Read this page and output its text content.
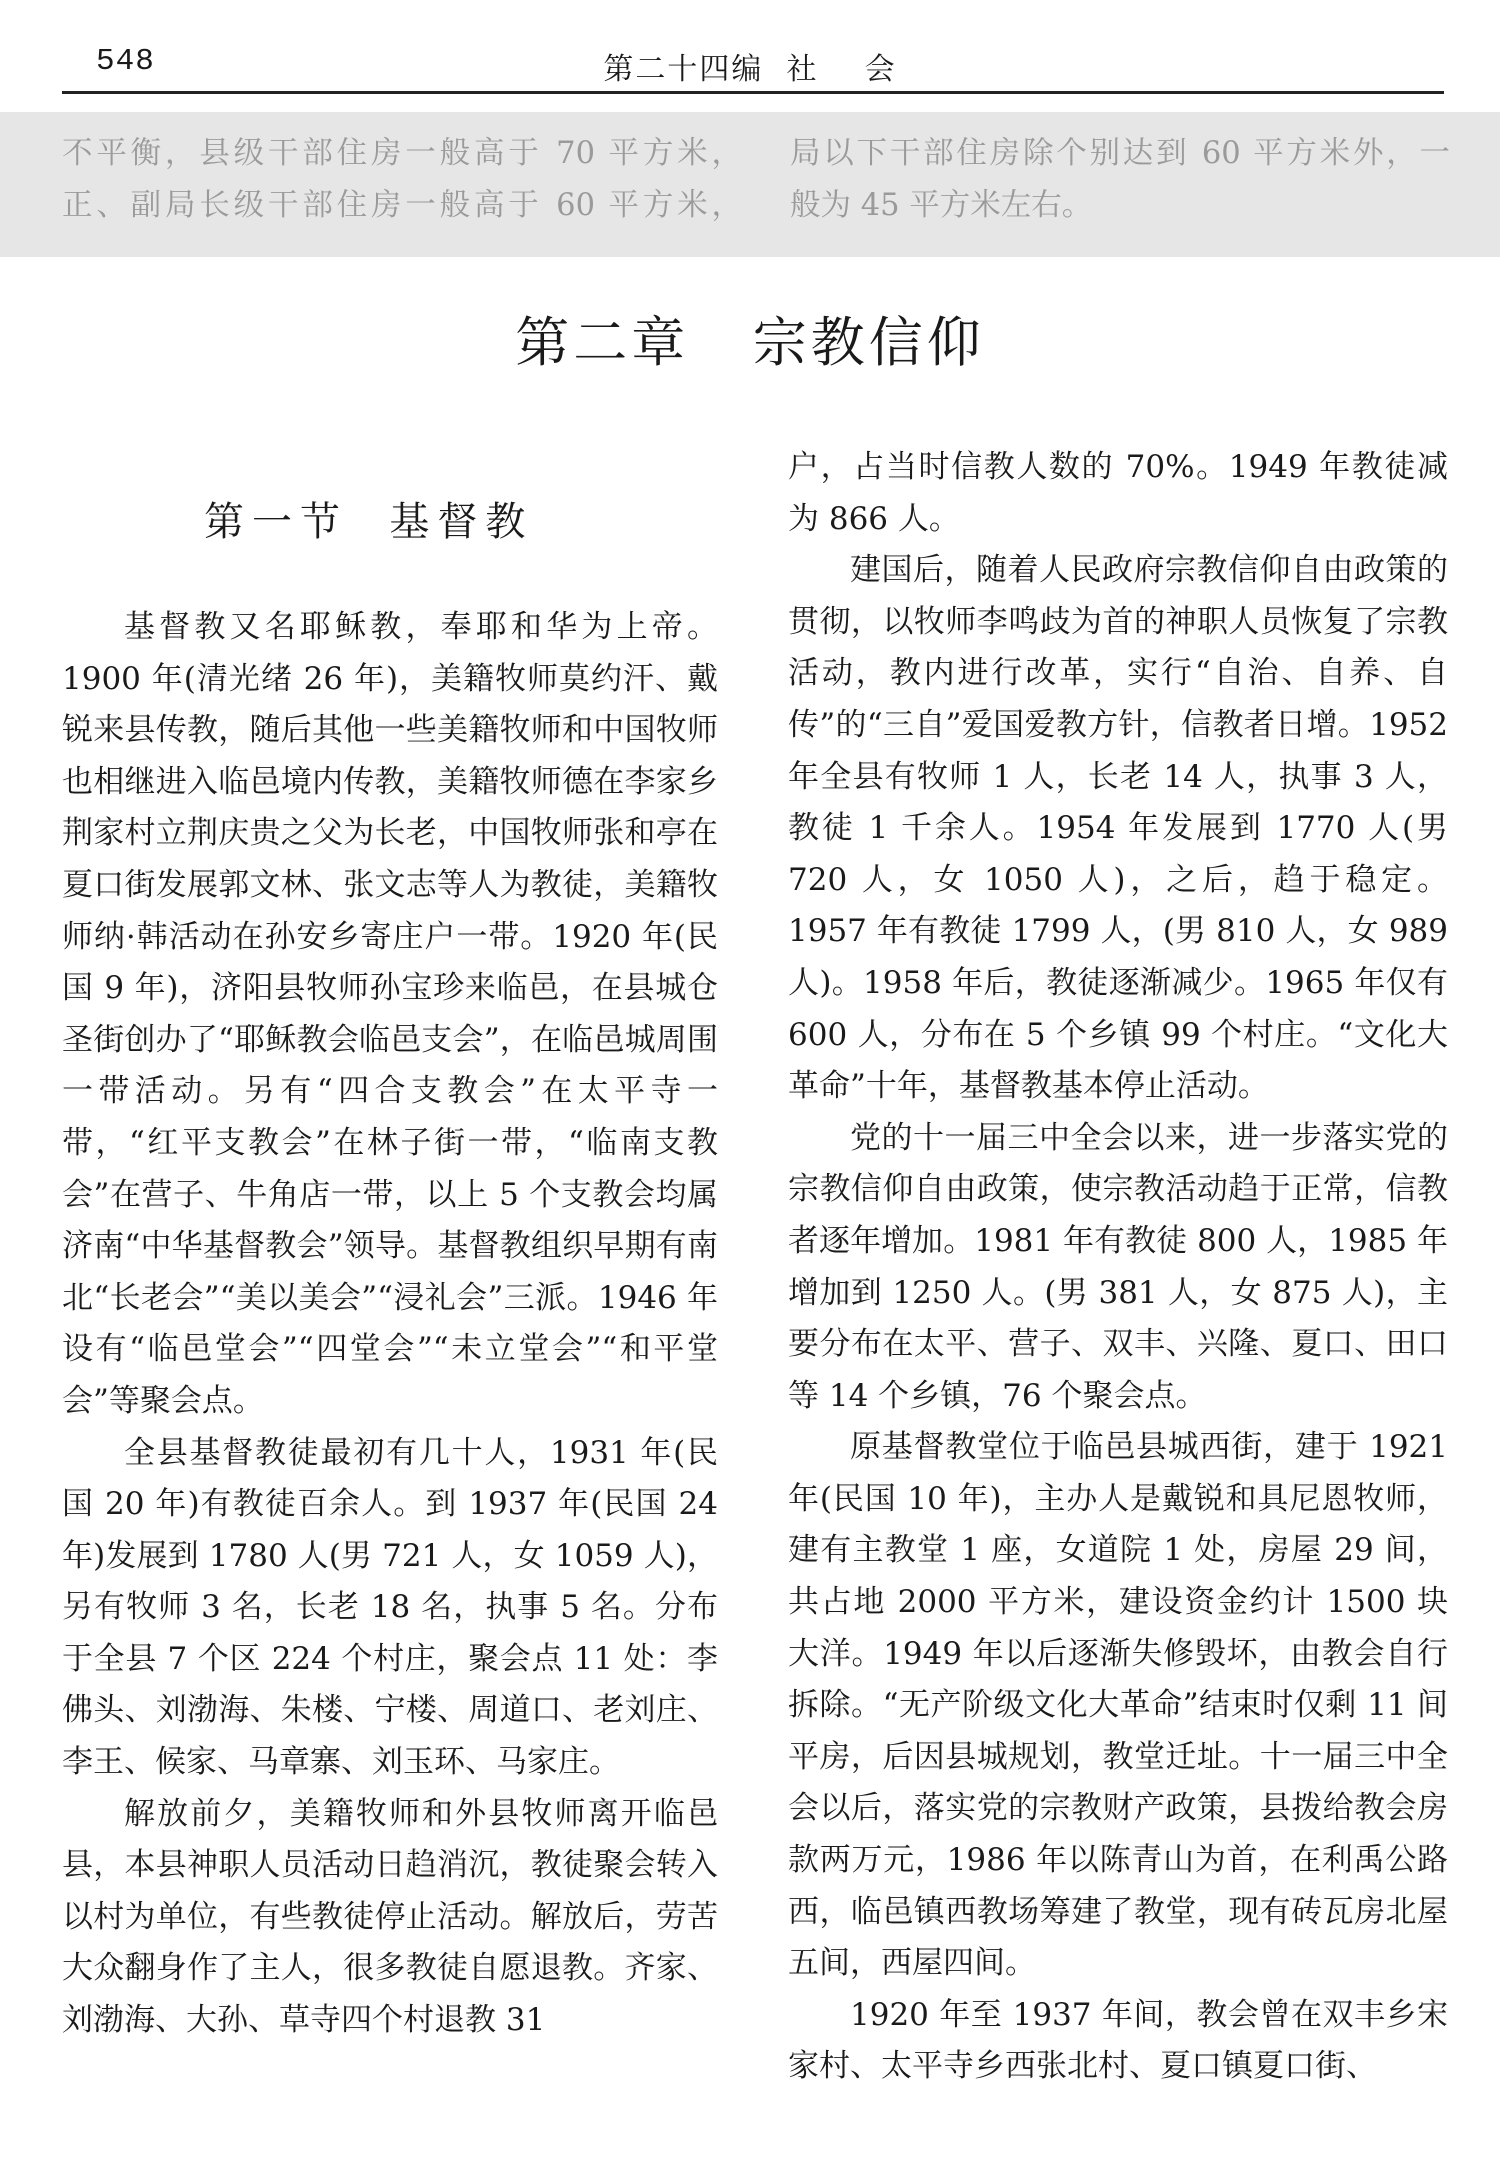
548	第二十四编  社    会
不平衡，县级干部住房一般高于 70 平方米，
正、副局长级干部住房一般高于 60 平方米，
局以下干部住房除个别达到 60 平方米外，一
般为 45 平方米左右。
第二章   宗教信仰
第一节  基督教

基督教又名耶稣教，奉耶和华为上帝。1900 年(清光绪 26 年)，美籍牧师莫约汗、戴锐来县传教，随后其他一些美籍牧师和中国牧师也相继进入临邑境内传教，美籍牧师德在李家乡荆家村立荆庆贵之父为长老，中国牧师张和亭在夏口街发展郭文林、张文志等人为教徒，美籍牧师纳·韩活动在孙安乡寄庄户一带。1920 年(民国 9 年)，济阳县牧师孙宝珍来临邑，在县城仓圣街创办了“耶稣教会临邑支会”，在临邑城周围一带活动。另有“四合支教会”在太平寺一带，“红平支教会”在林子街一带，“临南支教会”在营子、牛角店一带，以上 5 个支教会均属济南“中华基督教会”领导。基督教组织早期有南北“长老会”“美以美会”“浸礼会”三派。1946 年设有“临邑堂会”“四堂会”“未立堂会”“和平堂会”等聚会点。

全县基督教徒最初有几十人，1931 年(民国 20 年)有教徒百余人。到 1937 年(民国 24 年)发展到 1780 人(男 721 人，女 1059 人)，另有牧师 3 名，长老 18 名，执事 5 名。分布于全县 7 个区 224 个村庄，聚会点 11 处：李佛头、刘渤海、朱楼、宁楼、周道口、老刘庄、李王、候家、马章寨、刘玉环、马家庄。

解放前夕，美籍牧师和外县牧师离开临邑县，本县神职人员活动日趋消沉，教徒聚会转入以村为单位，有些教徒停止活动。解放后，劳苦大众翻身作了主人，很多教徒自愿退教。齐家、刘渤海、大孙、草寺四个村退教 31

户，占当时信教人数的 70%。1949 年教徒减为 866 人。

建国后，随着人民政府宗教信仰自由政策的贯彻，以牧师李鸣歧为首的神职人员恢复了宗教活动，教内进行改革，实行“自治、自养、自传”的“三自”爱国爱教方针，信教者日增。1952 年全县有牧师 1 人，长老 14 人，执事 3 人，教徒 1 千余人。1954 年发展到 1770 人(男 720 人，女 1050 人)，之后，趋于稳定。1957 年有教徒 1799 人，(男 810 人，女 989 人)。1958 年后，教徒逐渐减少。1965 年仅有 600 人，分布在 5 个乡镇 99 个村庄。“文化大革命”十年，基督教基本停止活动。

党的十一届三中全会以来，进一步落实党的宗教信仰自由政策，使宗教活动趋于正常，信教者逐年增加。1981 年有教徒 800 人，1985 年增加到 1250 人。(男 381 人，女 875 人)，主要分布在太平、营子、双丰、兴隆、夏口、田口等 14 个乡镇，76 个聚会点。

原基督教堂位于临邑县城西街，建于 1921 年(民国 10 年)，主办人是戴锐和具尼恩牧师，建有主教堂 1 座，女道院 1 处，房屋 29 间，共占地 2000 平方米，建设资金约计 1500 块大洋。1949 年以后逐渐失修毁坏，由教会自行拆除。“无产阶级文化大革命”结束时仅剩 11 间平房，后因县城规划，教堂迁址。十一届三中全会以后，落实党的宗教财产政策，县拨给教会房款两万元，1986 年以陈青山为首，在利禹公路西，临邑镇西教场筹建了教堂，现有砖瓦房北屋五间，西屋四间。

1920 年至 1937 年间，教会曾在双丰乡宋家村、太平寺乡西张北村、夏口镇夏口街、
